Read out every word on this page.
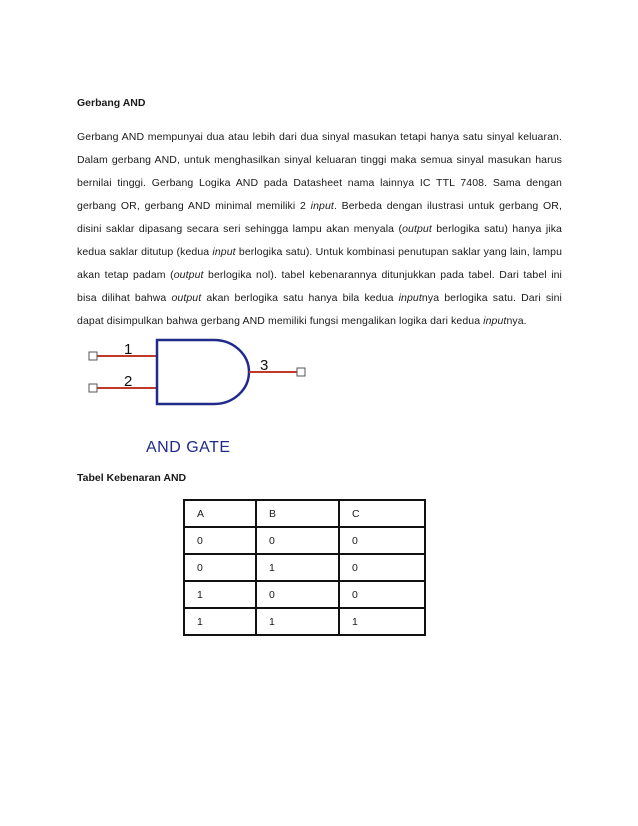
Gerbang AND

Gerbang AND mempunyai dua atau lebih dari dua sinyal masukan tetapi hanya satu sinyal keluaran. Dalam gerbang AND, untuk menghasilkan sinyal keluaran tinggi maka semua sinyal masukan harus bernilai tinggi. Gerbang Logika AND pada Datasheet nama lainnya IC TTL 7408. Sama dengan gerbang OR, gerbang AND minimal memiliki 2 input. Berbeda dengan ilustrasi untuk gerbang OR, disini saklar dipasang secara seri sehingga lampu akan menyala (output berlogika satu) hanya jika kedua saklar ditutup (kedua input berlogika satu). Untuk kombinasi penutupan saklar yang lain, lampu akan tetap padam (output berlogika nol). tabel kebenarannya ditunjukkan pada tabel. Dari tabel ini bisa dilihat bahwa output akan berlogika satu hanya bila kedua inputnya berlogika satu. Dari sini dapat disimpulkan bahwa gerbang AND memiliki fungsi mengalikan logika dari kedua inputnya.

1
2
3
AND GATE
Tabel Kebenaran AND
A	B	C
0	0	0
0	1	0
1	0	0
1	1	1
